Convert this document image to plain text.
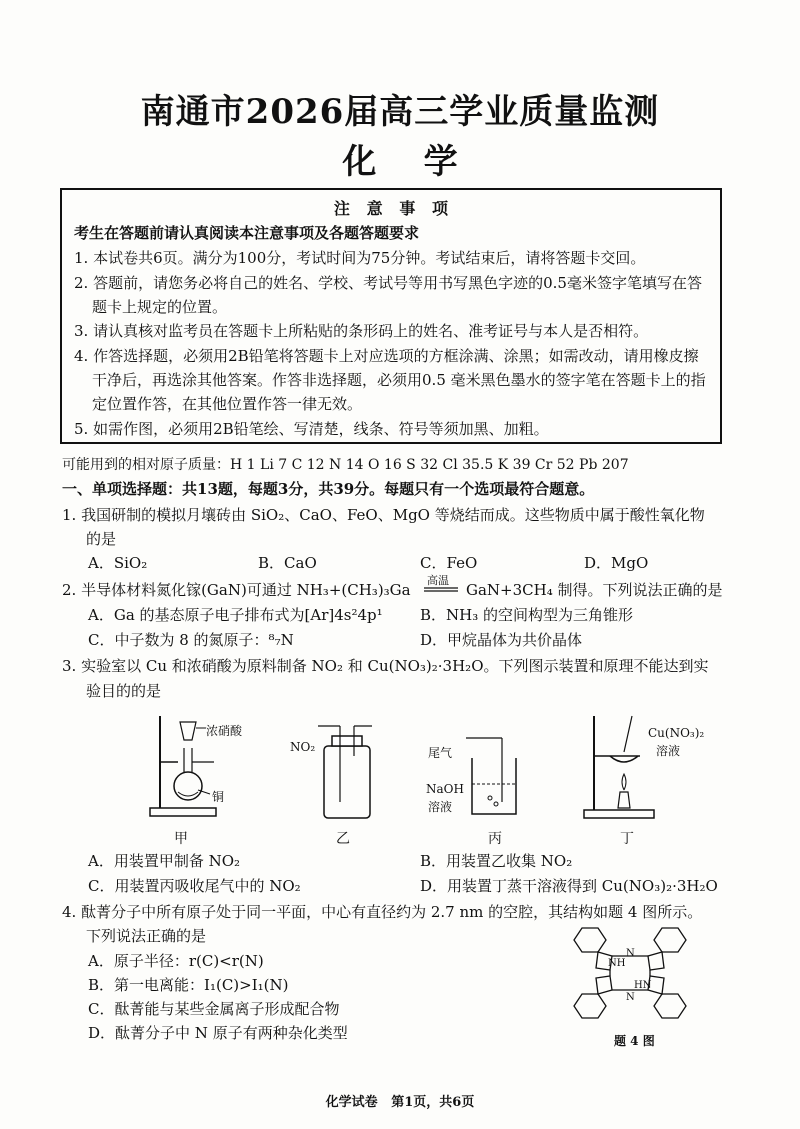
南通市2026届高三学业质量监测
化    学
注   意   事   项
考生在答题前请认真阅读本注意事项及各题答题要求
1. 本试卷共6页。满分为100分，考试时间为75分钟。考试结束后，请将答题卡交回。
2. 答题前，请您务必将自己的姓名、学校、考试号等用书写黑色字迹的0.5毫米签字笔填写在答
题卡上规定的位置。
3. 请认真核对监考员在答题卡上所粘贴的条形码上的姓名、准考证号与本人是否相符。
4. 作答选择题，必须用2B铅笔将答题卡上对应选项的方框涂满、涂黑；如需改动，请用橡皮擦
干净后，再选涂其他答案。作答非选择题，必须用0.5 毫米黑色墨水的签字笔在答题卡上的指
定位置作答，在其他位置作答一律无效。
5. 如需作图，必须用2B铅笔绘、写清楚，线条、符号等须加黑、加粗。
可能用到的相对原子质量：H 1 Li 7 C 12 N 14 O 16 S 32 Cl 35.5 K 39 Cr 52 Pb 207
一、单项选择题：共13题，每题3分，共39分。每题只有一个选项最符合题意。
1. 我国研制的模拟月壤砖由 SiO₂、CaO、FeO、MgO 等烧结而成。这些物质中属于酸性氧化物
的是
A．SiO₂	B．CaO	C．FeO	D．MgO
2. 半导体材料氮化镓(GaN)可通过 NH₃+(CH₃)₃Ga
高温
GaN+3CH₄ 制得。下列说法正确的是
A．Ga 的基态原子电子排布式为[Ar]4s²4p¹ B．NH₃ 的空间构型为三角锥形
C．中子数为 8 的氮原子：⁸₇N	D．甲烷晶体为共价晶体
3. 实验室以 Cu 和浓硝酸为原料制备 NO₂ 和 Cu(NO₃)₂·3H₂O。下列图示装置和原理不能达到实
验目的的是
浓硝酸
铜
甲
NO₂
乙
尾气
NaOH
溶液
丙
Cu(NO₃)₂
溶液
丁
A．用装置甲制备 NO₂	B．用装置乙收集 NO₂
C．用装置丙吸收尾气中的 NO₂	D．用装置丁蒸干溶液得到 Cu(NO₃)₂·3H₂O
4. 酞菁分子中所有原子处于同一平面，中心有直径约为 2.7 nm 的空腔，其结构如题 4 图所示。
下列说法正确的是
A．原子半径：r(C)<r(N)
B．第一电离能：I₁(C)>I₁(N)
C．酞菁能与某些金属离子形成配合物
D．酞菁分子中 N 原子有两种杂化类型
NH
HN
N
N
题 4 图
化学试卷   第1页，共6页
